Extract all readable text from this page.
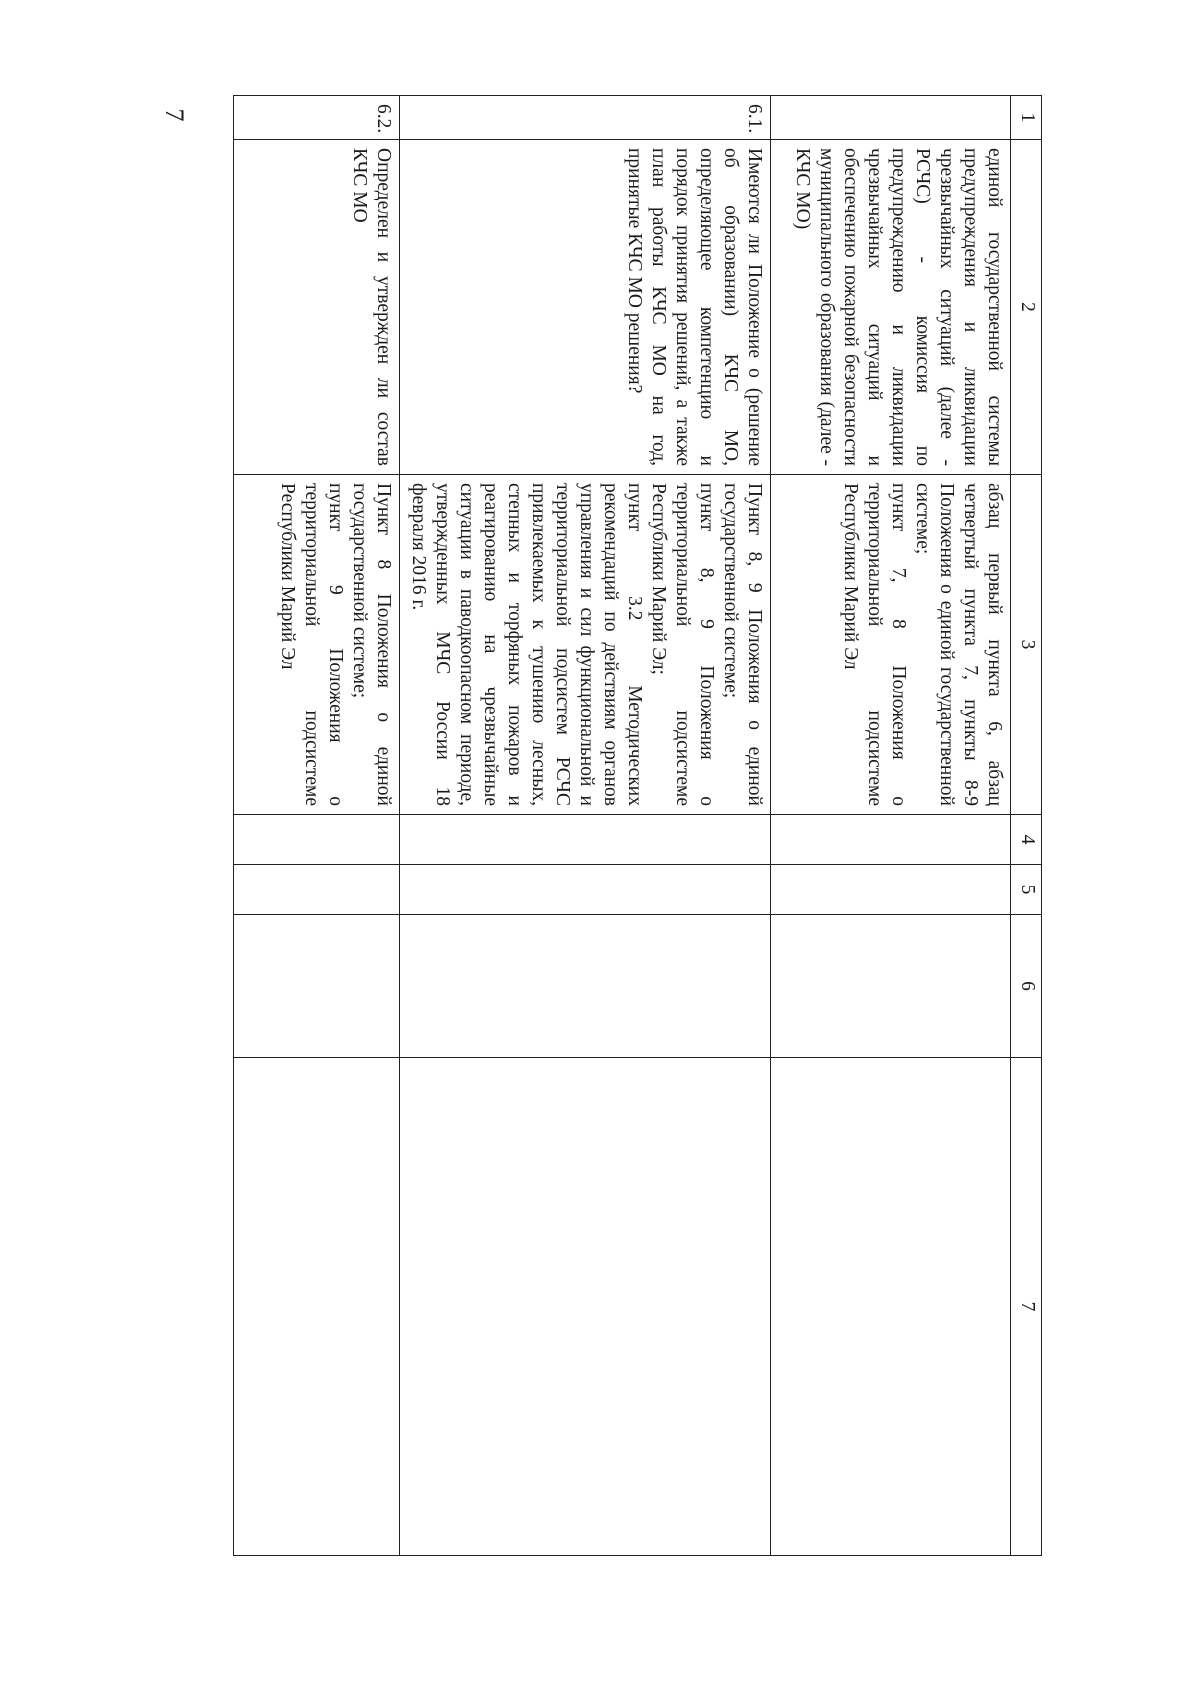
7	1	2	3	4	5	6	7
	единой государственной системы предупреждения и ликвидации чрезвычайных ситуаций (далее - РСЧС) - комиссия по предупреждению и ликвидации чрезвычайных ситуаций и обеспечению пожарной безопасности муниципального образования (далее - КЧС МО)	абзац первый пункта 6, абзац четвертый пункта 7, пункты 8-9 Положения о единой государственной системе;
пункт 7, 8 Положения о территориальной подсистеме Республики Марий Эл				

6.1.	Имеются ли Положение о (решение об образовании) КЧС МО, определяющее компетенцию и порядок принятия решений, а также план работы КЧС МО на год, принятые КЧС МО решения?	Пункт 8, 9 Положения о единой государственной системе;
пункт 8, 9 Положения о территориальной подсистеме Республики Марий Эл;
пункт 3.2 Методических рекомендаций по действиям органов управления и сил функциональной и территориальной подсистем РСЧС привлекаемых к тушению лесных, степных и торфяных пожаров и реагированию на чрезвычайные ситуации в паводкоопасном периоде, утвержденных МЧС России 18 февраля 2016 г.				

6.2.	Определен и утвержден ли состав КЧС МО	Пункт 8 Положения о единой государственной системе;
пункт 9 Положения о территориальной подсистеме Республики Марий Эл				
